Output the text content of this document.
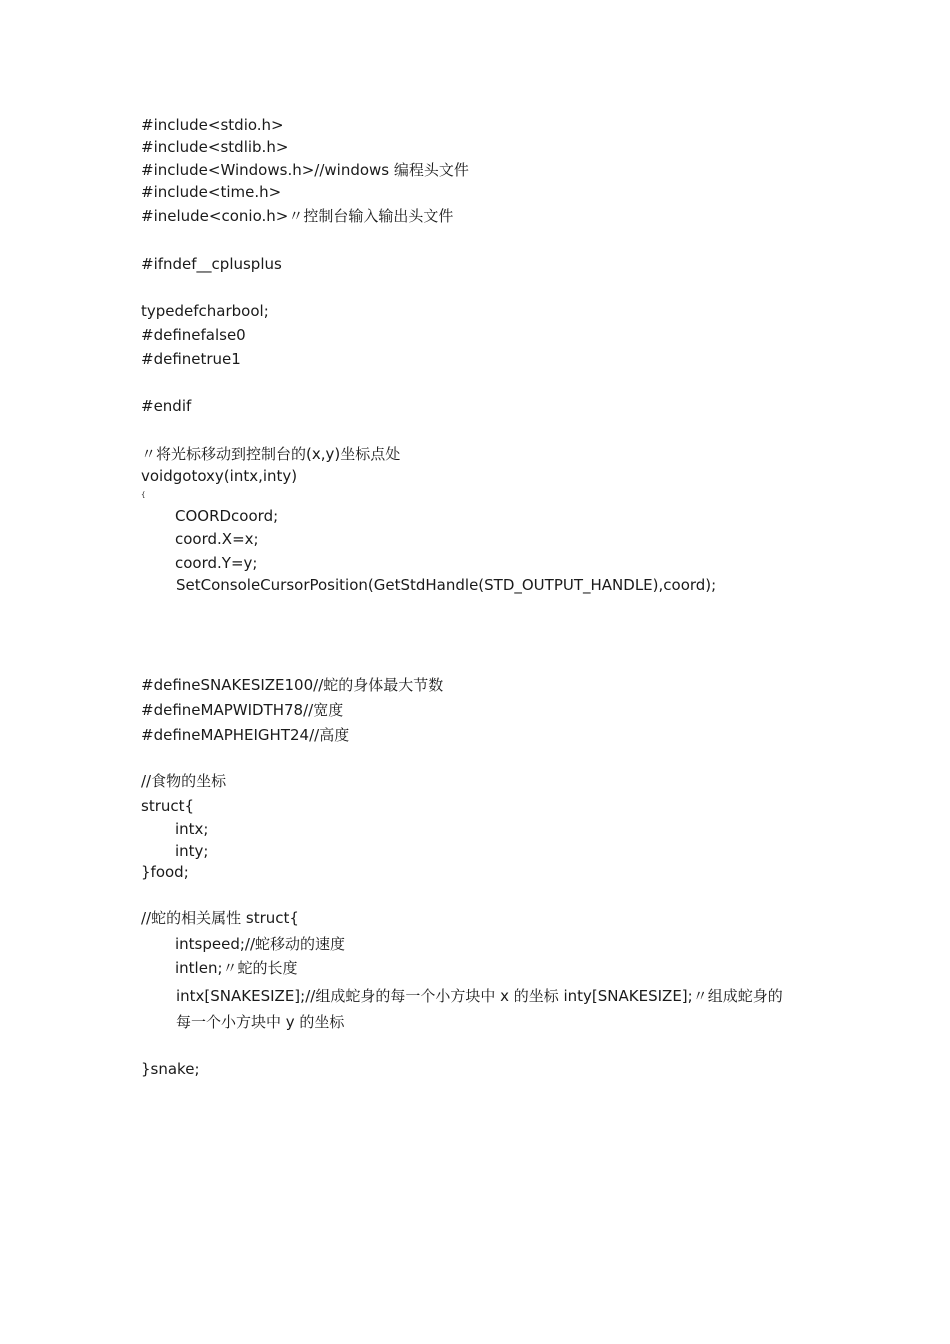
#include<stdio.h>
#include<stdlib.h>
#include<Windows.h>//windows 编程头文件
#include<time.h>
#inelude<conio.h>〃控制台输入输出头文件
#ifndef__cplusplus
typedefcharbool;
#definefalse0
#definetrue1
#endif
〃将光标移动到控制台的(x,y)坐标点处
voidgotoxy(intx,inty)
{
COORDcoord;
coord.X=x;
coord.Y=y;
SetConsoleCursorPosition(GetStdHandle(STD_OUTPUT_HANDLE),coord);
#defineSNAKESIZE100//蛇的身体最大节数
#defineMAPWIDTH78//宽度
#defineMAPHEIGHT24//高度
//食物的坐标
struct{
intx;
inty;
}food;
//蛇的相关属性 struct{
intspeed;//蛇移动的速度
intlen;〃蛇的长度
intx[SNAKESIZE];//组成蛇身的每一个小方块中 x 的坐标 inty[SNAKESIZE];〃组成蛇身的
每一个小方块中 y 的坐标
}snake;
